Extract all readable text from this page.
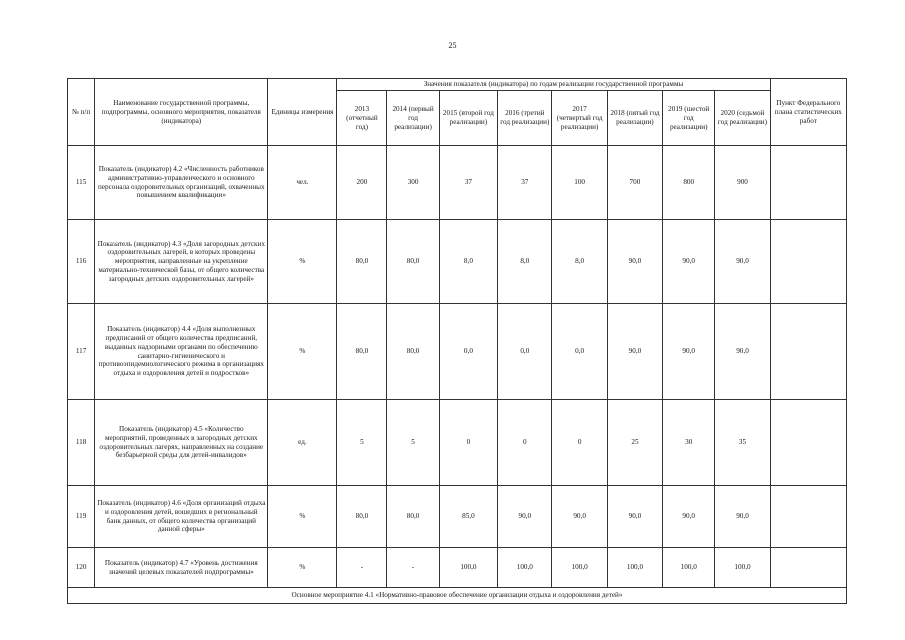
25
№ п/п	Наименование государственной программы, подпрограммы, основного мероприятия, показателя (индикатора)	Единицы измерения	Значения показателя (индикатора) по годам реализации государственной программы								Пункт Федерального плана статистических работ
			2013 (отчетный год)	2014 (первый год реализации)	2015 (второй год реализации)	2016 (третий год реализации)	2017 (четвертый год реализации)	2018 (пятый год реализации)	2019 (шестой год реализации)	2020 (седьмой год реализации)	
115	Показатель (индикатор) 4.2 «Численность работников административно-управленческого и основного персонала оздоровительных организаций, охваченных повышением квалификации»	чел.	200	300	37	37	100	700	800	900	
116	Показатель (индикатор) 4.3 «Доля загородных детских оздоровительных лагерей, в которых проведены мероприятия, направленные на укрепление материально-технической базы, от общего количества загородных детских оздоровительных лагерей»	%	80,0	80,0	8,0	8,0	8,0	90,0	90,0	90,0	
117	Показатель (индикатор) 4.4 «Доля выполненных предписаний от общего количества предписаний, выданных надзорными органами по обеспечению санитарно-гигиенического и противоэпидемиологического режима в организациях отдыха и оздоровления детей и подростков»	%	80,0	80,0	0,0	0,0	0,0	90,0	90,0	90,0	
118	Показатель (индикатор) 4.5 «Количество мероприятий, проведенных в загородных детских оздоровительных лагерях, направленных на создание безбарьерной среды для детей-инвалидов»	ед.	5	5	0	0	0	25	30	35	
119	Показатель (индикатор) 4.6 «Доля организаций отдыха и оздоровления детей, вошедших в региональный банк данных, от общего количества организаций данной сферы»	%	80,0	80,0	85,0	90,0	90,0	90,0	90,0	90,0	
120	Показатель (индикатор) 4.7 «Уровень достижения значений целевых показателей подпрограммы»	%	-	-	100,0	100,0	100,0	100,0	100,0	100,0	
Основное мероприятие 4.1 «Нормативно-правовое обеспечение организации отдыха и оздоровления детей»											
